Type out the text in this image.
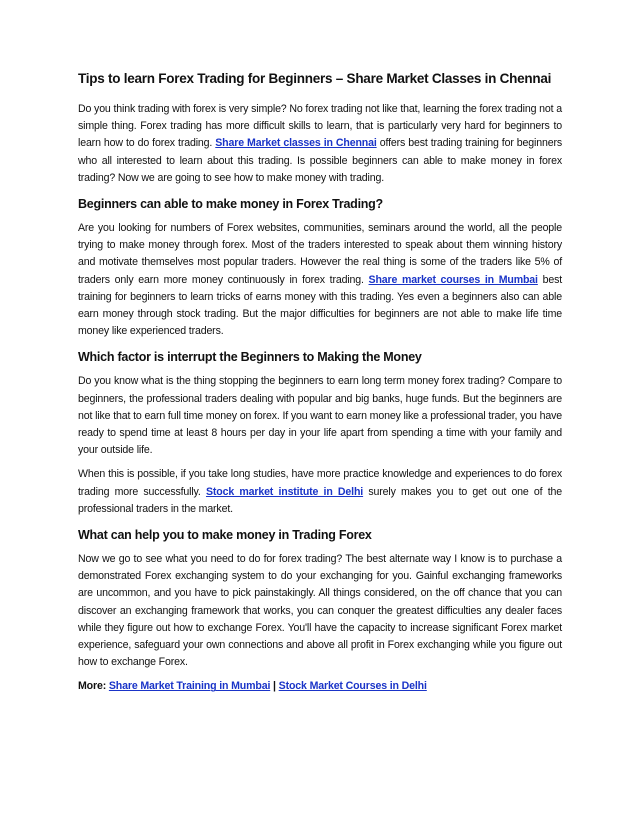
Tips to learn Forex Trading for Beginners – Share Market Classes in Chennai

Do you think trading with forex is very simple? No forex trading not like that, learning the forex trading not a simple thing. Forex trading has more difficult skills to learn, that is particularly very hard for beginners to learn how to do forex trading. Share Market classes in Chennai offers best trading training for beginners who all interested to learn about this trading. Is possible beginners can able to make money in forex trading? Now we are going to see how to make money with trading.

Beginners can able to make money in Forex Trading?

Are you looking for numbers of Forex websites, communities, seminars around the world, all the people trying to make money through forex. Most of the traders interested to speak about them winning history and motivate themselves most popular traders. However the real thing is some of the traders like 5% of traders only earn more money continuously in forex trading. Share market courses in Mumbai best training for beginners to learn tricks of earns money with this trading. Yes even a beginners also can able earn money through stock trading. But the major difficulties for beginners are not able to make life time money like experienced traders.

Which factor is interrupt the Beginners to Making the Money

Do you know what is the thing stopping the beginners to earn long term money forex trading? Compare to beginners, the professional traders dealing with popular and big banks, huge funds. But the beginners are not like that to earn full time money on forex. If you want to earn money like a professional trader, you have ready to spend time at least 8 hours per day in your life apart from spending a time with your family and your outside life.

When this is possible, if you take long studies, have more practice knowledge and experiences to do forex trading more successfully. Stock market institute in Delhi surely makes you to get out one of the professional traders in the market.

What can help you to make money in Trading Forex

Now we go to see what you need to do for forex trading? The best alternate way I know is to purchase a demonstrated Forex exchanging system to do your exchanging for you. Gainful exchanging frameworks are uncommon, and you have to pick painstakingly. All things considered, on the off chance that you can discover an exchanging framework that works, you can conquer the greatest difficulties any dealer faces while they figure out how to exchange Forex. You'll have the capacity to increase significant Forex market experience, safeguard your own connections and above all profit in Forex exchanging while you figure out how to exchange Forex.

More: Share Market Training in Mumbai | Stock Market Courses in Delhi
